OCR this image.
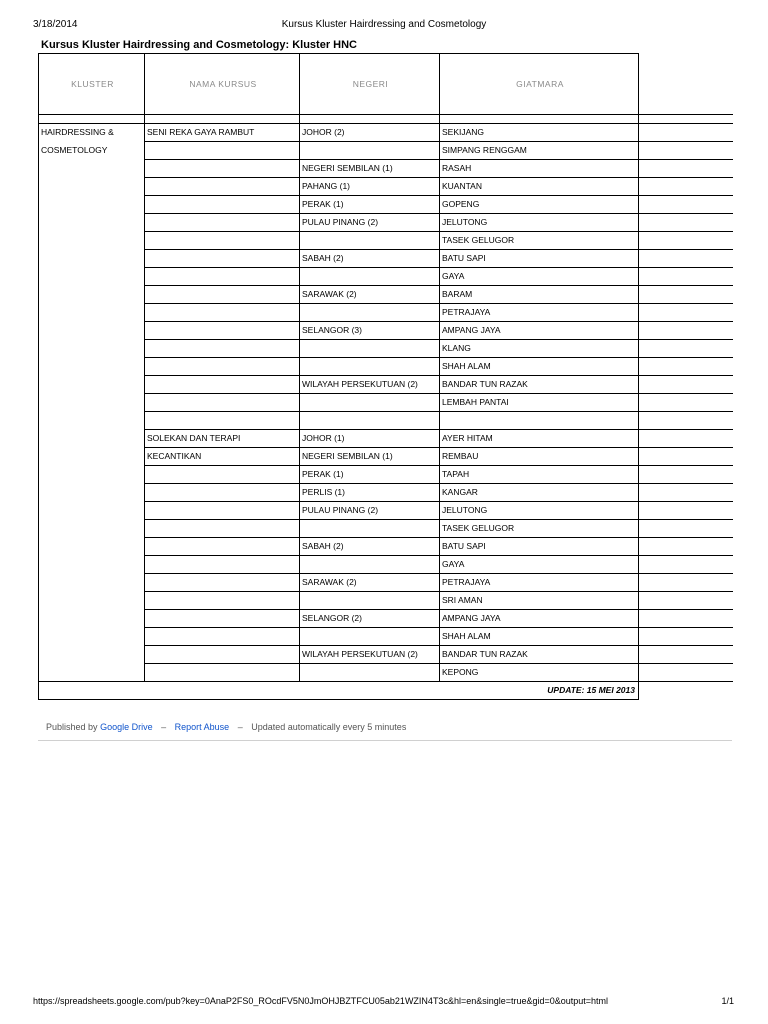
3/18/2014	Kursus Kluster Hairdressing and Cosmetology
Kursus Kluster Hairdressing and Cosmetology: Kluster HNC
KLUSTER	NAMA KURSUS	NEGERI	GIATMARA	

HAIRDRESSING &	SENI REKA GAYA RAMBUT	JOHOR (2)	SEKIJANG	
COSMETOLOGY			SIMPANG RENGGAM	
		NEGERI SEMBILAN (1)	RASAH	
		PAHANG (1)	KUANTAN	
		PERAK (1)	GOPENG	
		PULAU PINANG (2)	JELUTONG	
			TASEK GELUGOR	
		SABAH (2)	BATU SAPI	
			GAYA	
		SARAWAK (2)	BARAM	
			PETRAJAYA	
		SELANGOR (3)	AMPANG JAYA	
			KLANG	
			SHAH ALAM	
		WILAYAH PERSEKUTUAN (2)	BANDAR TUN RAZAK	
			LEMBAH PANTAI	

	SOLEKAN DAN TERAPI	JOHOR (1)	AYER HITAM	
	KECANTIKAN	NEGERI SEMBILAN (1)	REMBAU	
		PERAK (1)	TAPAH	
		PERLIS (1)	KANGAR	
		PULAU PINANG (2)	JELUTONG	
			TASEK GELUGOR	
		SABAH (2)	BATU SAPI	
			GAYA	
		SARAWAK (2)	PETRAJAYA	
			SRI AMAN	
		SELANGOR (2)	AMPANG JAYA	
			SHAH ALAM	
		WILAYAH PERSEKUTUAN (2)	BANDAR TUN RAZAK	
			KEPONG	
UPDATE: 15 MEI 2013				
Published by Google Drive – Report Abuse – Updated automatically every 5 minutes
https://spreadsheets.google.com/pub?key=0AnaP2FS0_ROcdFV5N0JmOHJBZTFCU05ab21WZIN4T3c&hl=en&single=true&gid=0&output=html	1/1
